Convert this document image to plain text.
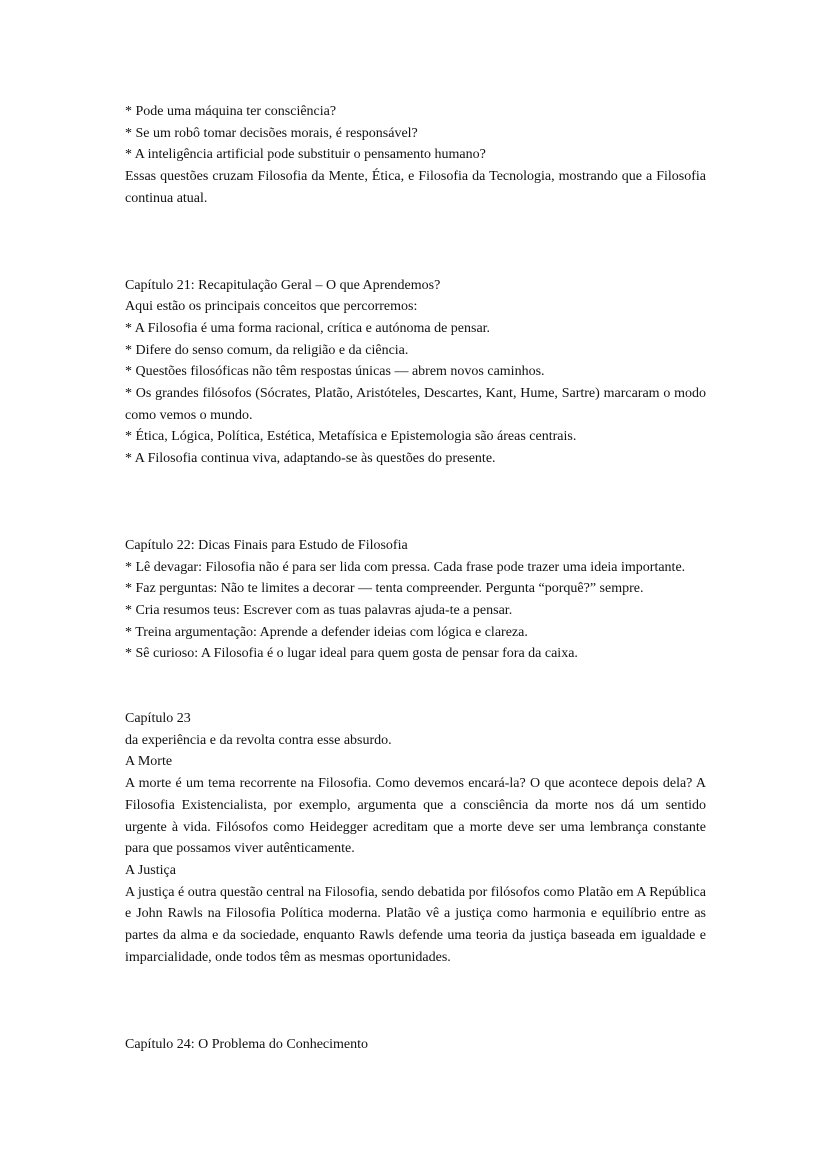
* Pode uma máquina ter consciência?
* Se um robô tomar decisões morais, é responsável?
* A inteligência artificial pode substituir o pensamento humano?
Essas questões cruzam Filosofia da Mente, Ética, e Filosofia da Tecnologia, mostrando que a Filosofia continua atual.
Capítulo 21: Recapitulação Geral – O que Aprendemos?
Aqui estão os principais conceitos que percorremos:
* A Filosofia é uma forma racional, crítica e autónoma de pensar.
* Difere do senso comum, da religião e da ciência.
* Questões filosóficas não têm respostas únicas — abrem novos caminhos.
* Os grandes filósofos (Sócrates, Platão, Aristóteles, Descartes, Kant, Hume, Sartre) marcaram o modo como vemos o mundo.
* Ética, Lógica, Política, Estética, Metafísica e Epistemologia são áreas centrais.
* A Filosofia continua viva, adaptando-se às questões do presente.
Capítulo 22: Dicas Finais para Estudo de Filosofia
* Lê devagar: Filosofia não é para ser lida com pressa. Cada frase pode trazer uma ideia importante.
* Faz perguntas: Não te limites a decorar — tenta compreender. Pergunta “porquê?” sempre.
* Cria resumos teus: Escrever com as tuas palavras ajuda-te a pensar.
* Treina argumentação: Aprende a defender ideias com lógica e clareza.
* Sê curioso: A Filosofia é o lugar ideal para quem gosta de pensar fora da caixa.
Capítulo 23
da experiência e da revolta contra esse absurdo.
A Morte
A morte é um tema recorrente na Filosofia. Como devemos encará-la? O que acontece depois dela? A Filosofia Existencialista, por exemplo, argumenta que a consciência da morte nos dá um sentido urgente à vida. Filósofos como Heidegger acreditam que a morte deve ser uma lembrança constante para que possamos viver autênticamente.
A Justiça
A justiça é outra questão central na Filosofia, sendo debatida por filósofos como Platão em A República e John Rawls na Filosofia Política moderna. Platão vê a justiça como harmonia e equilíbrio entre as partes da alma e da sociedade, enquanto Rawls defende uma teoria da justiça baseada em igualdade e imparcialidade, onde todos têm as mesmas oportunidades.
Capítulo 24: O Problema do Conhecimento
